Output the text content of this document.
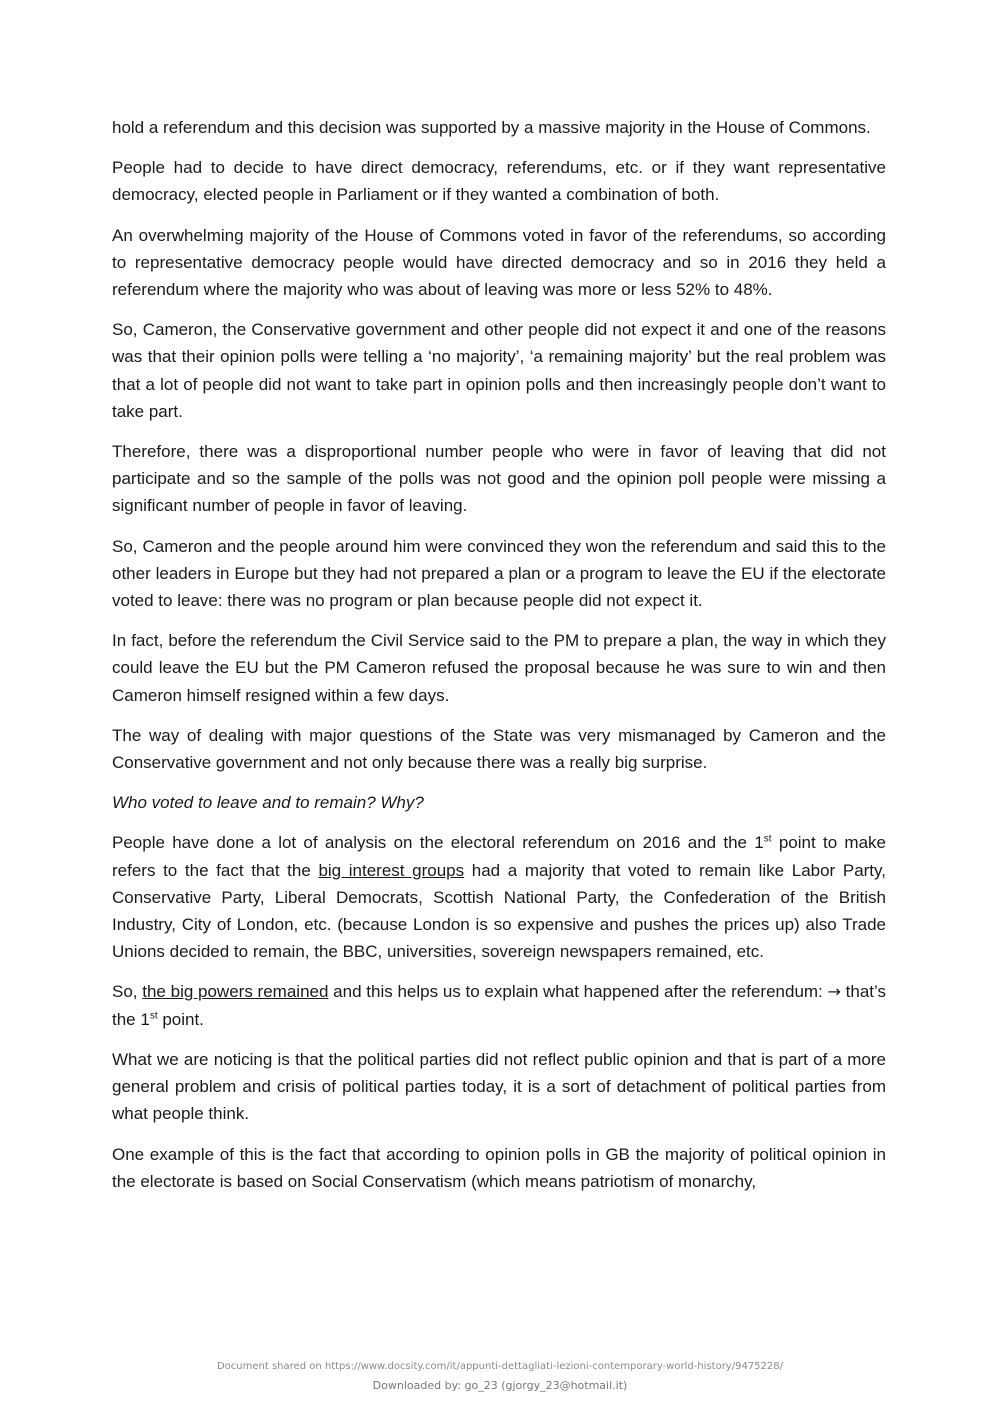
hold a referendum and this decision was supported by a massive majority in the House of Commons.

People had to decide to have direct democracy, referendums, etc. or if they want representative democracy, elected people in Parliament or if they wanted a combination of both.

An overwhelming majority of the House of Commons voted in favor of the referendums, so according to representative democracy people would have directed democracy and so in 2016 they held a referendum where the majority who was about of leaving was more or less 52% to 48%.

So, Cameron, the Conservative government and other people did not expect it and one of the reasons was that their opinion polls were telling a ‘no majority’, ‘a remaining majority’ but the real problem was that a lot of people did not want to take part in opinion polls and then increasingly people don’t want to take part.

Therefore, there was a disproportional number people who were in favor of leaving that did not participate and so the sample of the polls was not good and the opinion poll people were missing a significant number of people in favor of leaving.

So, Cameron and the people around him were convinced they won the referendum and said this to the other leaders in Europe but they had not prepared a plan or a program to leave the EU if the electorate voted to leave: there was no program or plan because people did not expect it.

In fact, before the referendum the Civil Service said to the PM to prepare a plan, the way in which they could leave the EU but the PM Cameron refused the proposal because he was sure to win and then Cameron himself resigned within a few days.

The way of dealing with major questions of the State was very mismanaged by Cameron and the Conservative government and not only because there was a really big surprise.

Who voted to leave and to remain? Why?

People have done a lot of analysis on the electoral referendum on 2016 and the 1st point to make refers to the fact that the big interest groups had a majority that voted to remain like Labor Party, Conservative Party, Liberal Democrats, Scottish National Party, the Confederation of the British Industry, City of London, etc. (because London is so expensive and pushes the prices up) also Trade Unions decided to remain, the BBC, universities, sovereign newspapers remained, etc.

So, the big powers remained and this helps us to explain what happened after the referendum: → that’s the 1st point.

What we are noticing is that the political parties did not reflect public opinion and that is part of a more general problem and crisis of political parties today, it is a sort of detachment of political parties from what people think.

One example of this is the fact that according to opinion polls in GB the majority of political opinion in the electorate is based on Social Conservatism (which means patriotism of monarchy,

Document shared on https://www.docsity.com/it/appunti-dettagliati-lezioni-contemporary-world-history/9475228/
Downloaded by: go_23 (gjorgy_23@hotmail.it)
